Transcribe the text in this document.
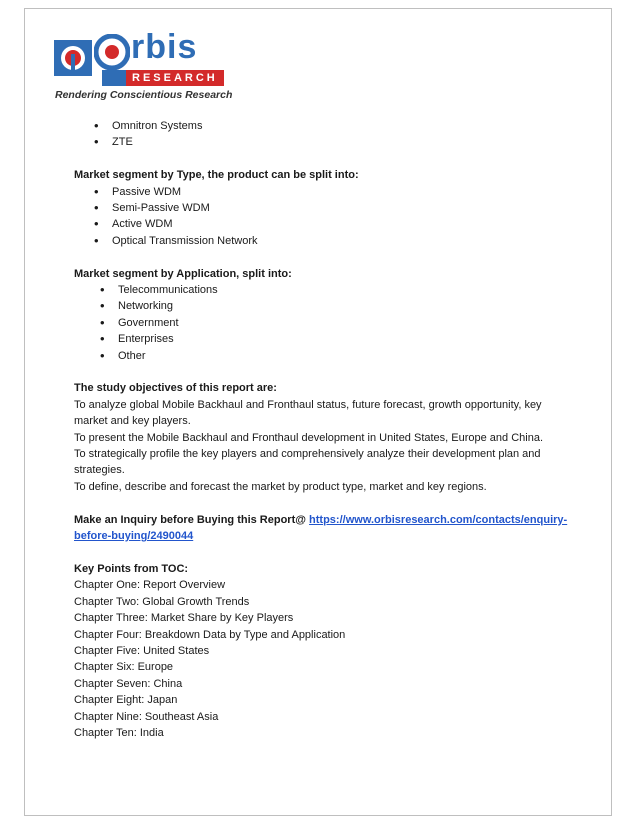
rbis
RESEARCH
Rendering Conscientious Research
• Omnitron Systems
• ZTE

Market segment by Type, the product can be split into:

• Passive WDM
• Semi-Passive WDM
• Active WDM
• Optical Transmission Network

Market segment by Application, split into:

• Telecommunications
• Networking
• Government
• Enterprises
• Other

The study objectives of this report are:

To analyze global Mobile Backhaul and Fronthaul status, future forecast, growth opportunity, key

market and key players.

To present the Mobile Backhaul and Fronthaul development in United States, Europe and China.

To strategically profile the key players and comprehensively analyze their development plan and

strategies.

To define, describe and forecast the market by product type, market and key regions.

Make an Inquiry before Buying this Report@ https://www.orbisresearch.com/contacts/enquiry-
before-buying/2490044

Key Points from TOC:

Chapter One: Report Overview

Chapter Two: Global Growth Trends

Chapter Three: Market Share by Key Players

Chapter Four: Breakdown Data by Type and Application

Chapter Five: United States

Chapter Six: Europe

Chapter Seven: China

Chapter Eight: Japan

Chapter Nine: Southeast Asia

Chapter Ten: India
